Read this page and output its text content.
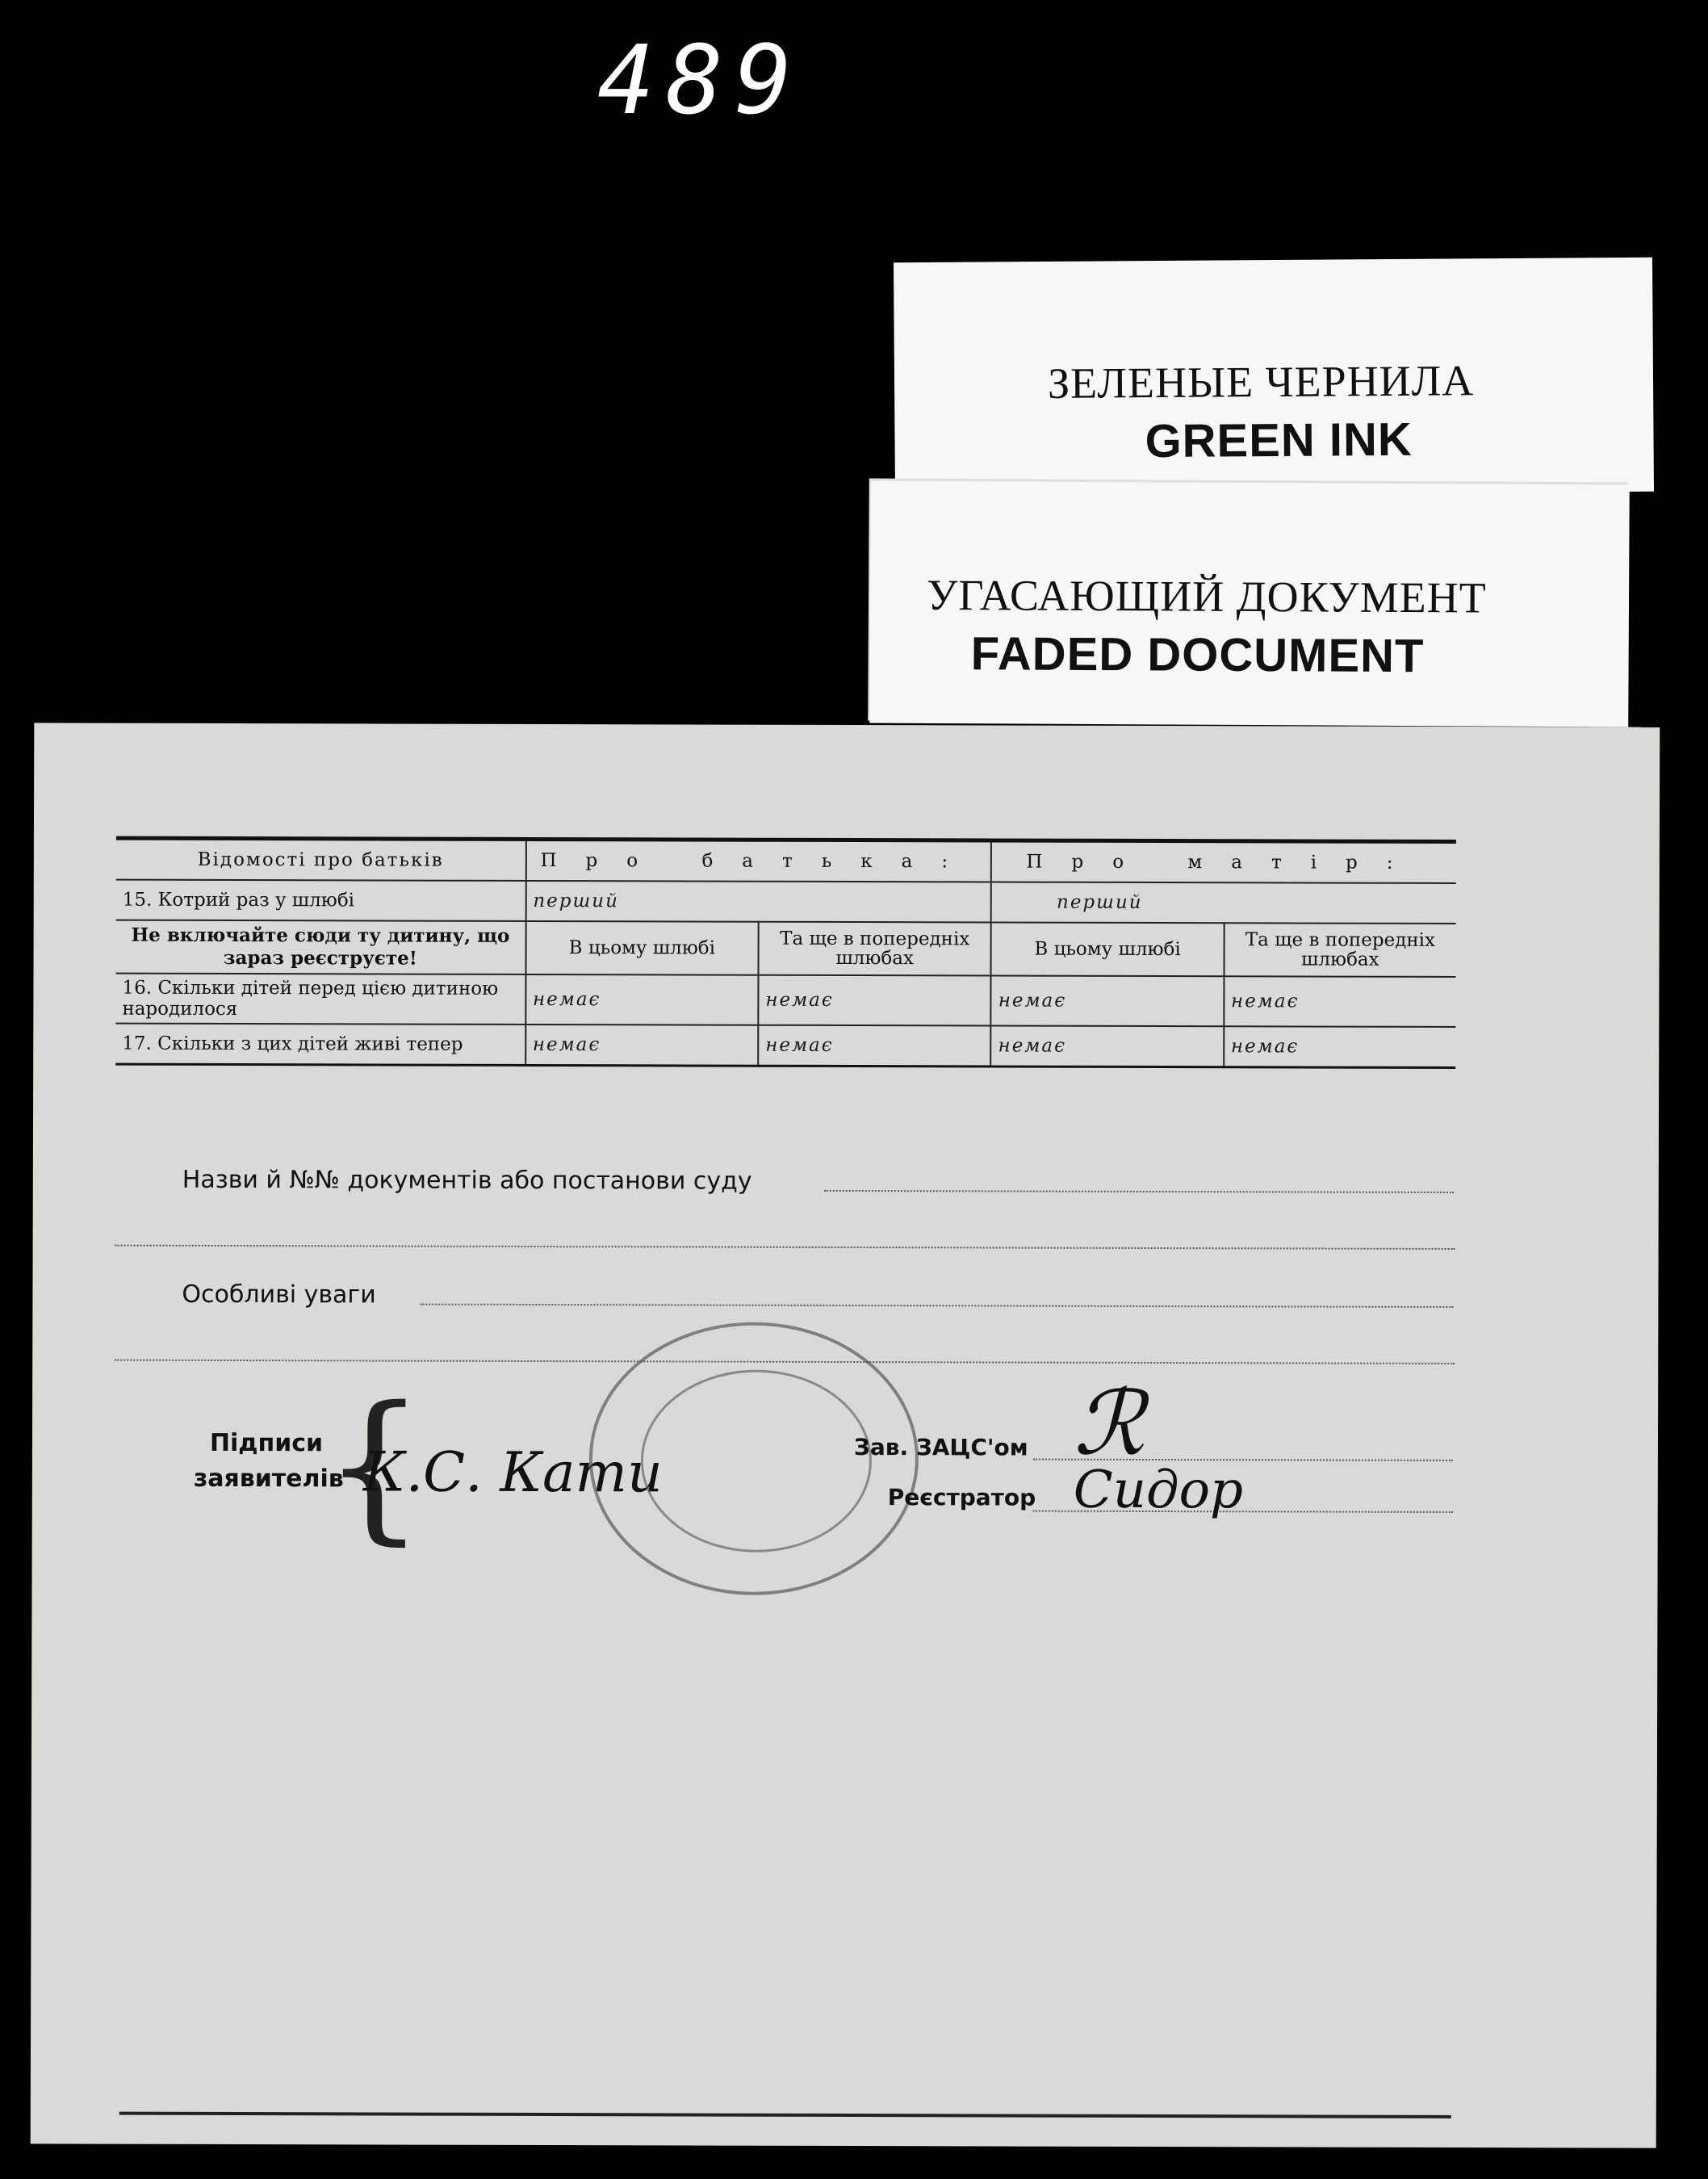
489
ЗЕЛЕНЫЕ ЧЕРНИЛА
GREEN INK
УГАСАЮЩИЙ ДОКУМЕНТ
FADED DOCUMENT
Відомості про батьків	Про батька:		Про матір:	
15. Котрий раз у шлюбі	перший		перший	
Не включайте сюди ту дитину, що зараз реєструєте!	В цьому шлюбі	Та ще в попередніх шлюбах	В цьому шлюбі	Та ще в попередніх шлюбах
16. Скільки дітей перед цією дитиною народилося	немає	немає	немає	немає
17. Скільки з цих дітей живі тепер	немає	немає	немає	немає
Назви й №№ документів або постанови суду
Особливі уваги
Підписи заявителів
{
К.С. Кати	Зав. ЗАЦС'ом ℛ
Реєстратор Сидор
